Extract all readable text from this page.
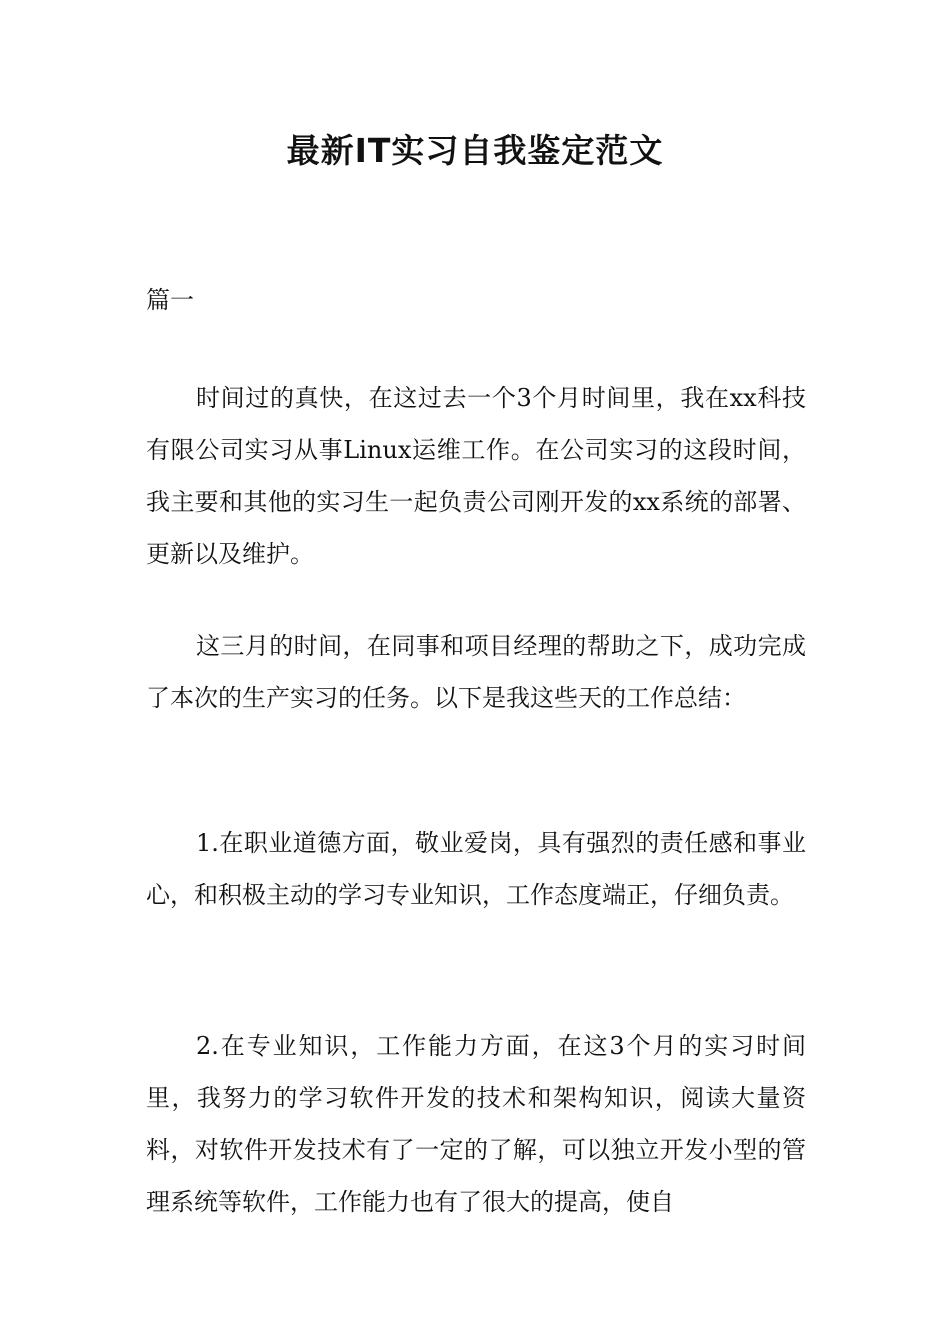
最新IT实习自我鉴定范文

篇一

时间过的真快，在这过去一个3个月时间里，我在xx科技有限公司实习从事Linux运维工作。在公司实习的这段时间，我主要和其他的实习生一起负责公司刚开发的xx系统的部署、更新以及维护。

这三月的时间，在同事和项目经理的帮助之下，成功完成了本次的生产实习的任务。以下是我这些天的工作总结：

1.在职业道德方面，敬业爱岗，具有强烈的责任感和事业心，和积极主动的学习专业知识，工作态度端正，仔细负责。

2.在专业知识，工作能力方面，在这3个月的实习时间里，我努力的学习软件开发的技术和架构知识，阅读大量资料，对软件开发技术有了一定的了解，可以独立开发小型的管理系统等软件，工作能力也有了很大的提高，使自
